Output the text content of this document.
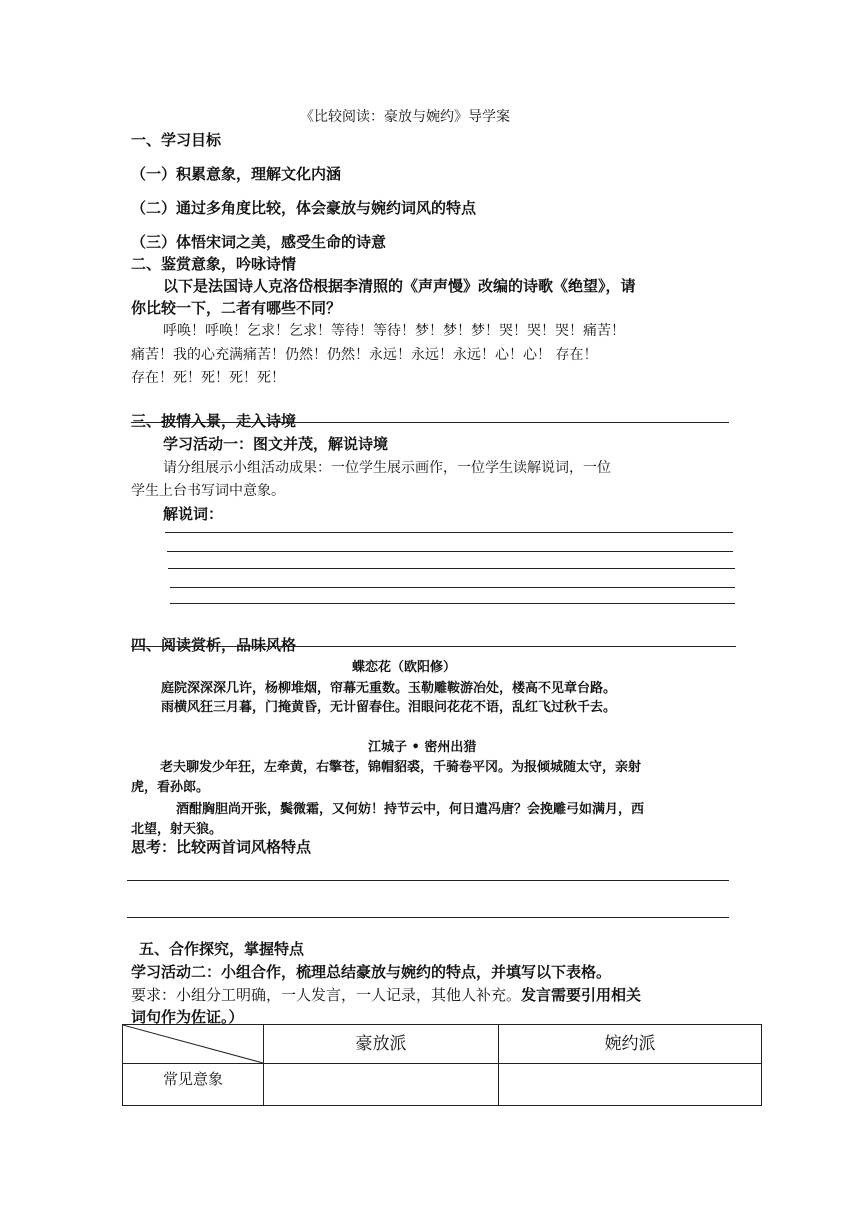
《比较阅读：豪放与婉约》导学案
一、学习目标
（一）积累意象，理解文化内涵
（二）通过多角度比较，体会豪放与婉约词风的特点
（三）体悟宋词之美，感受生命的诗意
二、鉴赏意象，吟咏诗情
以下是法国诗人克洛岱根据李清照的《声声慢》改编的诗歌《绝望》，请
你比较一下，二者有哪些不同？
呼唤！呼唤！乞求！乞求！等待！等待！梦！梦！梦！哭！哭！哭！痛苦！
痛苦！我的心充满痛苦！仍然！仍然！永远！永远！永远！心！心！ 存在！
存在！死！死！死！死！
三、披情入景，走入诗境
学习活动一：图文并茂，解说诗境
请分组展示小组活动成果：一位学生展示画作，一位学生读解说词，一位
学生上台书写词中意象。
解说词：
四、阅读赏析，品味风格
蝶恋花（欧阳修）
庭院深深深几许，杨柳堆烟，帘幕无重数。玉勒雕鞍游冶处，楼高不见章台路。
雨横风狂三月暮，门掩黄昏，无计留春住。泪眼问花花不语，乱红飞过秋千去。
江城子 • 密州出猎
老夫聊发少年狂，左牵黄，右擎苍，锦帽貂裘，千骑卷平冈。为报倾城随太守，亲射
虎，看孙郎。
酒酣胸胆尚开张，鬓微霜，又何妨！持节云中，何日遣冯唐？会挽雕弓如满月，西
北望，射天狼。
思考：比较两首词风格特点
五、合作探究，掌握特点
学习活动二：小组合作，梳理总结豪放与婉约的特点，并填写以下表格。
要求：小组分工明确，一人发言，一人记录，其他人补充。发言需要引用相关
词句作为佐证。）
	豪放派	婉约派
常见意象		
